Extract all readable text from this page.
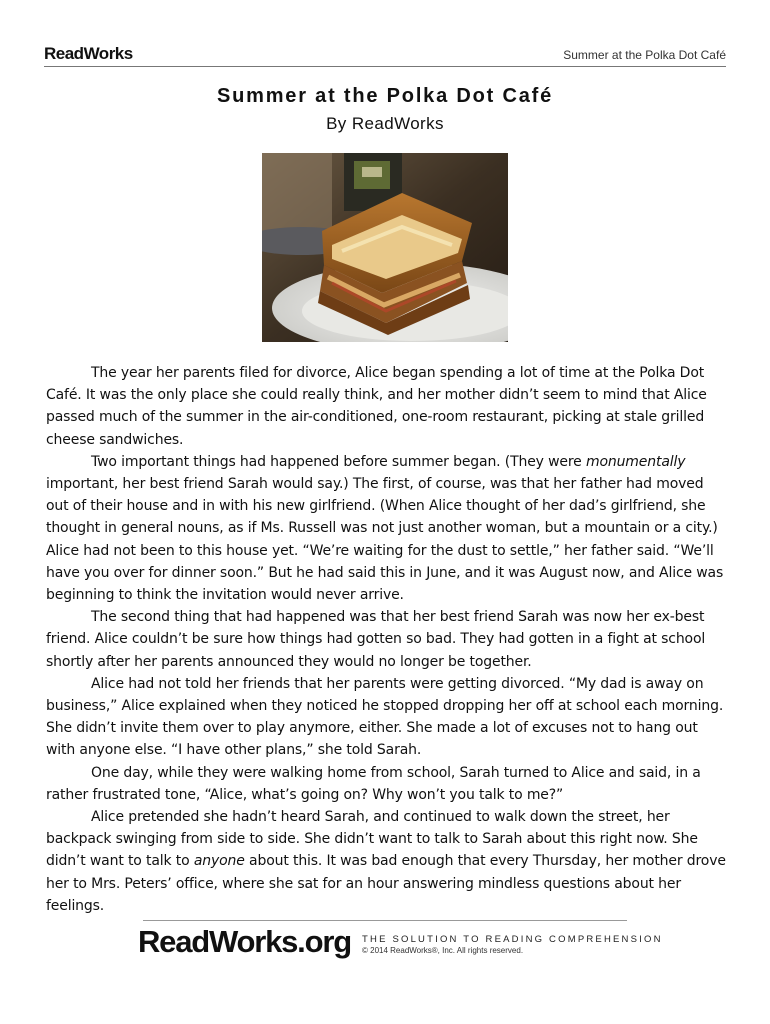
ReadWorks	Summer at the Polka Dot Café
Summer at the Polka Dot Café
By ReadWorks

The year her parents filed for divorce, Alice began spending a lot of time at the Polka Dot Café. It was the only place she could really think, and her mother didn’t seem to mind that Alice passed much of the summer in the air-conditioned, one-room restaurant, picking at stale grilled cheese sandwiches.

Two important things had happened before summer began. (They were monumentally important, her best friend Sarah would say.) The first, of course, was that her father had moved out of their house and in with his new girlfriend. (When Alice thought of her dad’s girlfriend, she thought in general nouns, as if Ms. Russell was not just another woman, but a mountain or a city.) Alice had not been to this house yet. “We’re waiting for the dust to settle,” her father said. “We’ll have you over for dinner soon.” But he had said this in June, and it was August now, and Alice was beginning to think the invitation would never arrive.

The second thing that had happened was that her best friend Sarah was now her ex-best friend. Alice couldn’t be sure how things had gotten so bad. They had gotten in a fight at school shortly after her parents announced they would no longer be together.

Alice had not told her friends that her parents were getting divorced. “My dad is away on business,” Alice explained when they noticed he stopped dropping her off at school each morning. She didn’t invite them over to play anymore, either. She made a lot of excuses not to hang out with anyone else. “I have other plans,” she told Sarah.

One day, while they were walking home from school, Sarah turned to Alice and said, in a rather frustrated tone, “Alice, what’s going on? Why won’t you talk to me?”

Alice pretended she hadn’t heard Sarah, and continued to walk down the street, her backpack swinging from side to side. She didn’t want to talk to Sarah about this right now. She didn’t want to talk to anyone about this. It was bad enough that every Thursday, her mother drove her to Mrs. Peters’ office, where she sat for an hour answering mindless questions about her feelings.

ReadWorks.org THE SOLUTION TO READING COMPREHENSION
© 2014 ReadWorks®, Inc. All rights reserved.
